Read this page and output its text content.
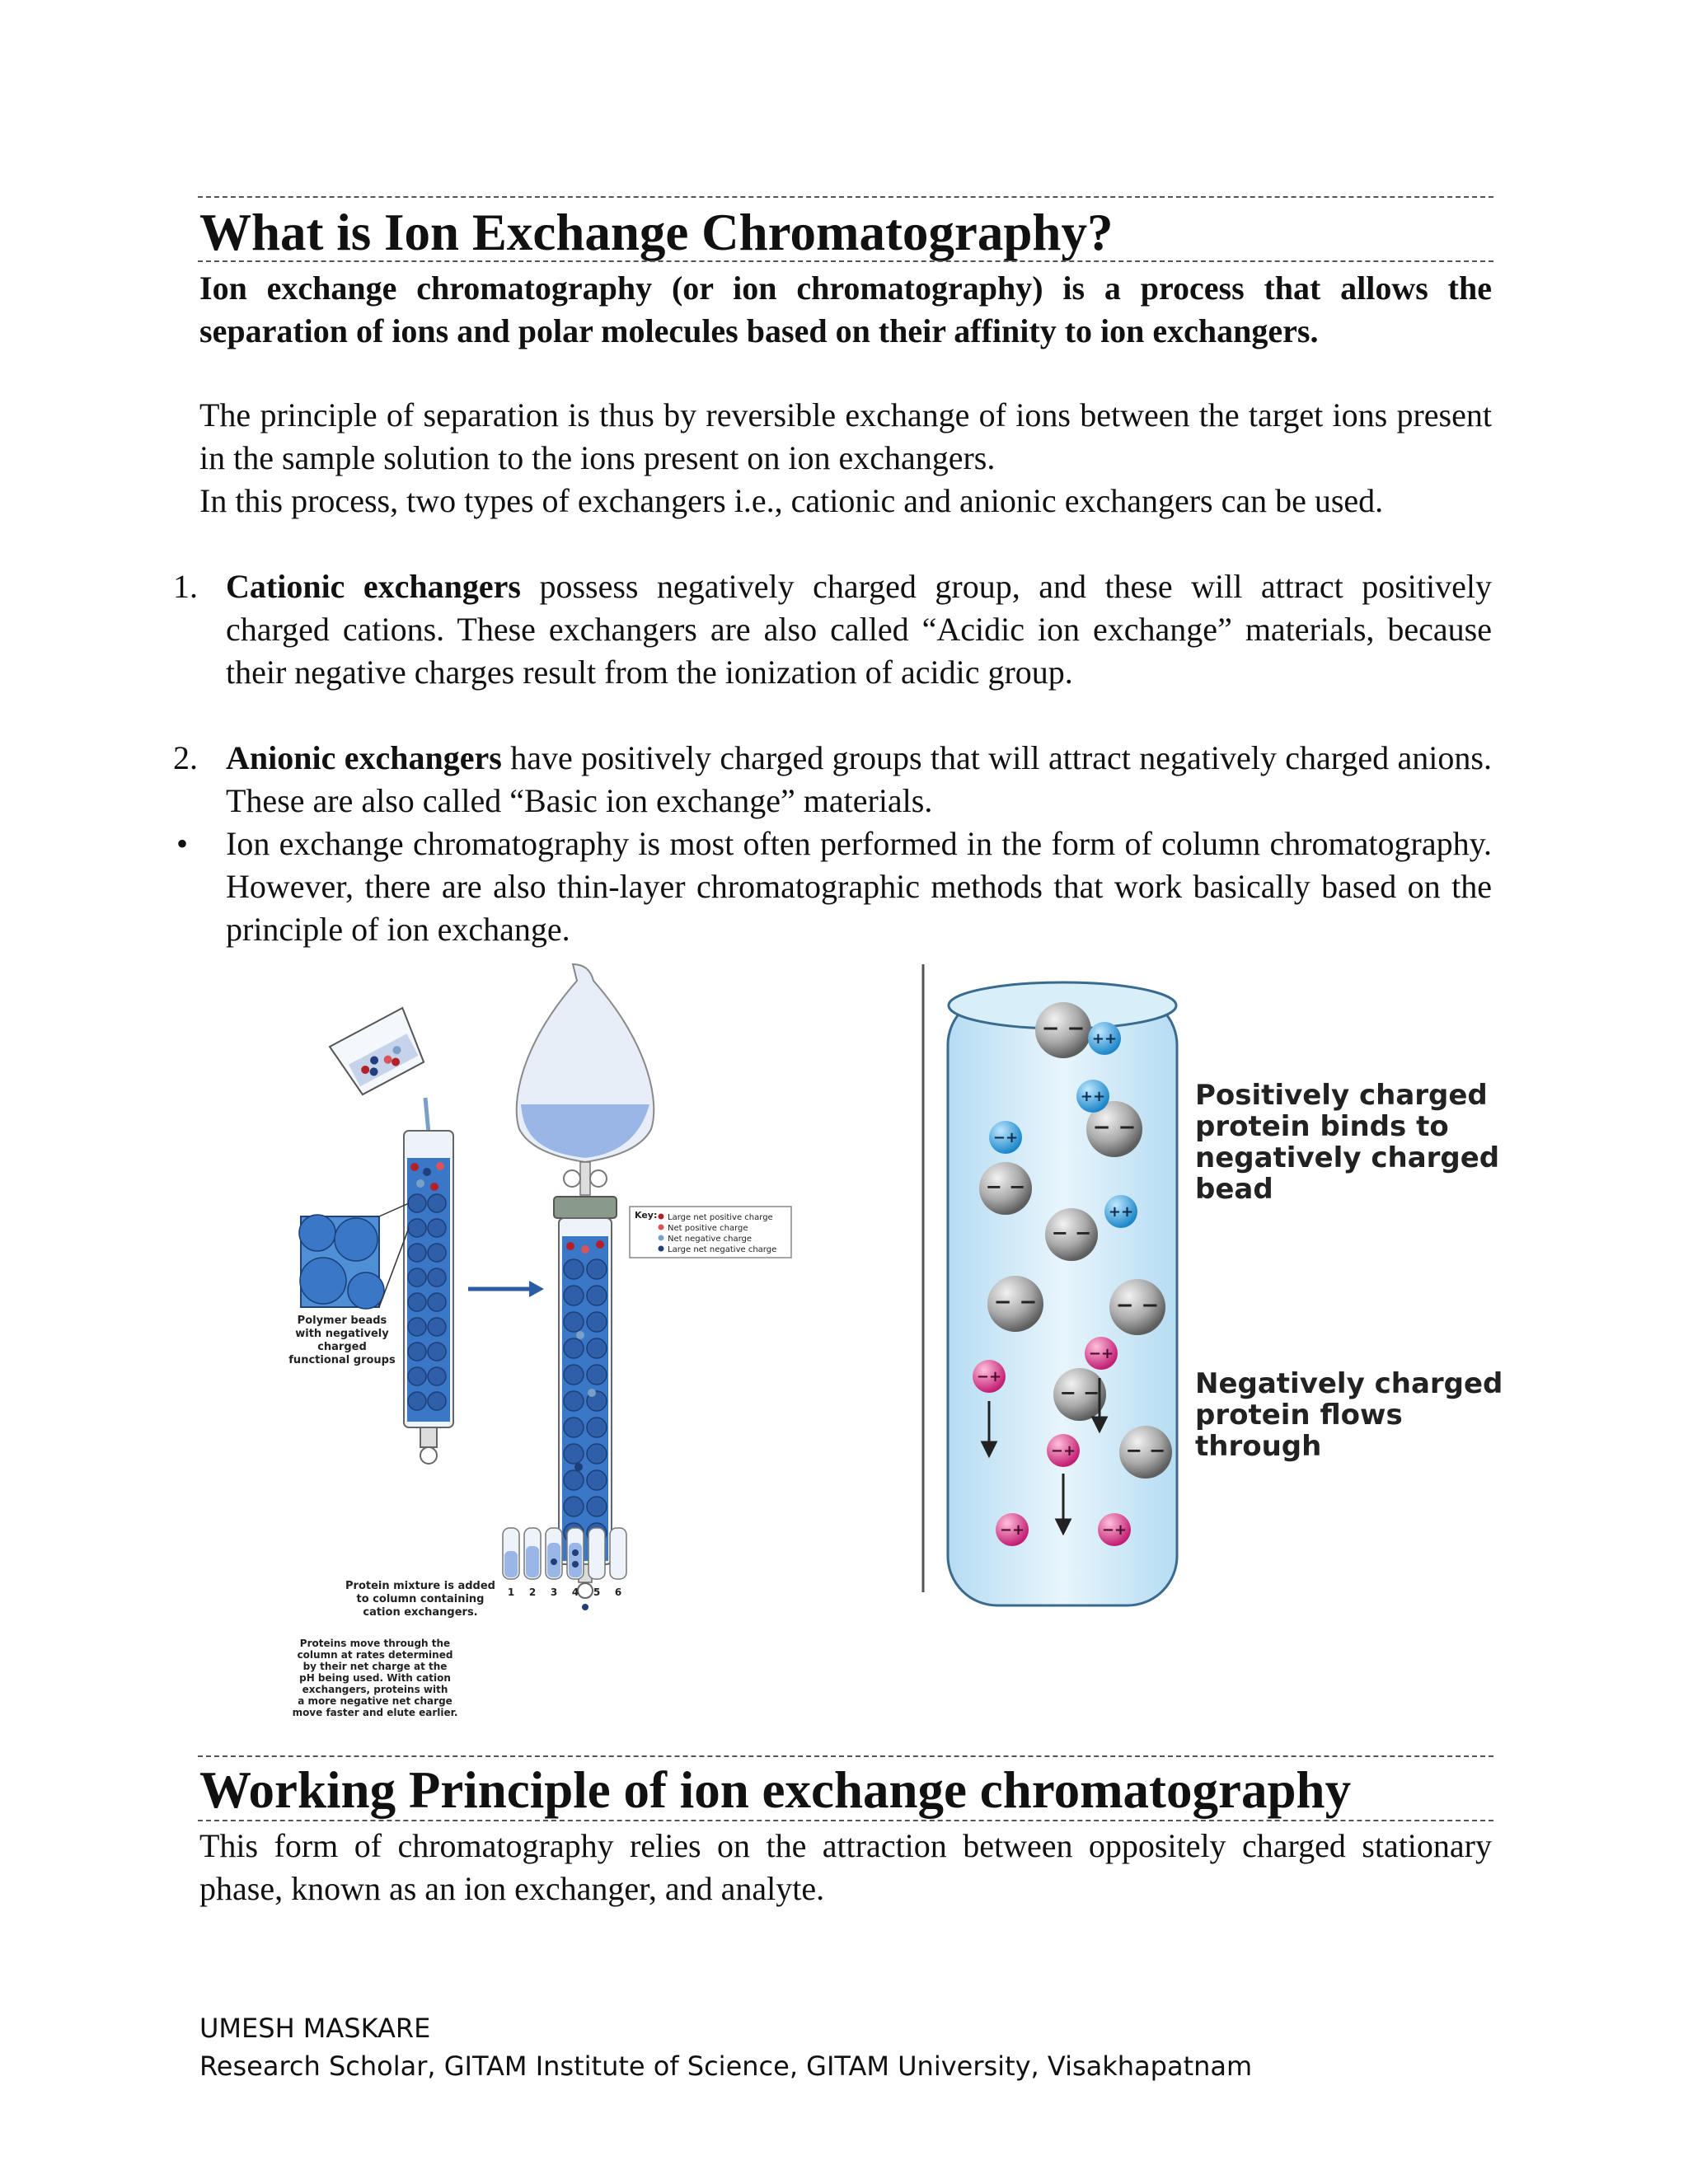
What is Ion Exchange Chromatography?
Ion exchange chromatography (or ion chromatography) is a process that allows the separation of ions and polar molecules based on their affinity to ion exchangers.
The principle of separation is thus by reversible exchange of ions between the target ions present in the sample solution to the ions present on ion exchangers.
In this process, two types of exchangers i.e., cationic and anionic exchangers can be used.
1. Cationic exchangers possess negatively charged group, and these will attract positively charged cations. These exchangers are also called “Acidic ion exchange” materials, because their negative charges result from the ionization of acidic group.
2. Anionic exchangers have positively charged groups that will attract negatively charged anions. These are also called “Basic ion exchange” materials.
• Ion exchange chromatography is most often performed in the form of column chromatography. However, there are also thin-layer chromatographic methods that work basically based on the principle of ion exchange.
Polymer beads
with negatively
charged
functional groups
Protein mixture is added
to column containing
cation exchangers.
Proteins move through the
column at rates determined
by their net charge at the
pH being used. With cation
exchangers, proteins with
a more negative net charge
move faster and elute earlier.
1 2 3 4 5 6
Key: Large net positive charge
Net positive charge
Net negative charge
Large net negative charge
− −
− −
− −
− −
− −	− −
− −
− −
++
++
−+
++
−+
−+
−+
−+	−+
Positively charged
protein binds to
negatively charged
bead
Negatively charged
protein flows
through
Working Principle of ion exchange chromatography
This form of chromatography relies on the attraction between oppositely charged stationary phase, known as an ion exchanger, and analyte.
UMESH MASKARE
Research Scholar, GITAM Institute of Science, GITAM University, Visakhapatnam
